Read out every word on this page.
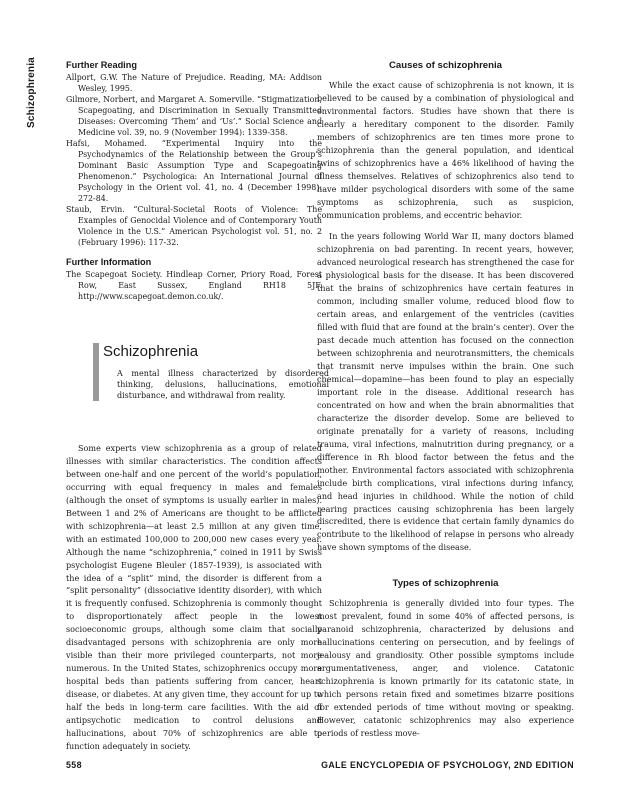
Schizophrenia	Further Reading

Allport, G.W. The Nature of Prejudice. Reading, MA: Addison Wesley, 1995.

Gilmore, Norbert, and Margaret A. Somerville. “Stigmatization, Scapegoating, and Discrimination in Sexually Transmitted Diseases: Overcoming ‘Them’ and ‘Us’.” Social Science and Medicine vol. 39, no. 9 (November 1994): 1339-358.

Hafsi, Mohamed. “Experimental Inquiry into the Psychodynamics of the Relationship between the Group’s Dominant Basic Assumption Type and Scapegoating Phenomenon.” Psychologica: An International Journal of Psychology in the Orient vol. 41, no. 4 (December 1998): 272-84.

Staub, Ervin. “Cultural-Societal Roots of Violence: The Examples of Genocidal Violence and of Contemporary Youth Violence in the U.S.” American Psychologist vol. 51, no. 2 (February 1996): 117-32.

Further Information

The Scapegoat Society. Hindleap Corner, Priory Road, Forest Row, East Sussex, England RH18 5JF. http://www.scapegoat.demon.co.uk/.

Schizophrenia

A mental illness characterized by disordered thinking, delusions, hallucinations, emotional disturbance, and withdrawal from reality.

Some experts view schizophrenia as a group of related illnesses with similar characteristics. The condition affects between one-half and one percent of the world’s population, occurring with equal frequency in males and females (although the onset of symptoms is usually earlier in males). Between 1 and 2% of Americans are thought to be afflicted with schizophrenia—at least 2.5 million at any given time, with an estimated 100,000 to 200,000 new cases every year. Although the name “schizophrenia,” coined in 1911 by Swiss psychologist Eugene Bleuler (1857-1939), is associated with the idea of a “split” mind, the disorder is different from a “split personality” (dissociative identity disorder), with which it is frequently confused. Schizophrenia is commonly thought to disproportionately affect people in the lowest socioeconomic groups, although some claim that socially disadvantaged persons with schizophrenia are only more visible than their more privileged counterparts, not more numerous. In the United States, schizophrenics occupy more hospital beds than patients suffering from cancer, heart disease, or diabetes. At any given time, they account for up to half the beds in long-term care facilities. With the aid of antipsychotic medication to control delusions and hallucinations, about 70% of schizophrenics are able to function adequately in society.

Causes of schizophrenia

While the exact cause of schizophrenia is not known, it is believed to be caused by a combination of physiological and environmental factors. Studies have shown that there is clearly a hereditary component to the disorder. Family members of schizophrenics are ten times more prone to schizophrenia than the general population, and identical twins of schizophrenics have a 46% likelihood of having the illness themselves. Relatives of schizophrenics also tend to have milder psychological disorders with some of the same symptoms as schizophrenia, such as suspicion, communication problems, and eccentric behavior.

In the years following World War II, many doctors blamed schizophrenia on bad parenting. In recent years, however, advanced neurological research has strengthened the case for a physiological basis for the disease. It has been discovered that the brains of schizophrenics have certain features in common, including smaller volume, reduced blood flow to certain areas, and enlargement of the ventricles (cavities filled with fluid that are found at the brain’s center). Over the past decade much attention has focused on the connection between schizophrenia and neurotransmitters, the chemicals that transmit nerve impulses within the brain. One such chemical—dopamine—has been found to play an especially important role in the disease. Additional research has concentrated on how and when the brain abnormalities that characterize the disorder develop. Some are believed to originate prenatally for a variety of reasons, including trauma, viral infections, malnutrition during pregnancy, or a difference in Rh blood factor between the fetus and the mother. Environmental factors associated with schizophrenia include birth complications, viral infections during infancy, and head injuries in childhood. While the notion of child rearing practices causing schizophrenia has been largely discredited, there is evidence that certain family dynamics do contribute to the likelihood of relapse in persons who already have shown symptoms of the disease.

Types of schizophrenia

Schizophrenia is generally divided into four types. The most prevalent, found in some 40% of affected persons, is paranoid schizophrenia, characterized by delusions and hallucinations centering on persecution, and by feelings of jealousy and grandiosity. Other possible symptoms include argumentativeness, anger, and violence. Catatonic schizophrenia is known primarily for its catatonic state, in which persons retain fixed and sometimes bizarre positions for extended periods of time without moving or speaking. However, catatonic schizophrenics may also experience periods of restless move-

558	GALE ENCYCLOPEDIA OF PSYCHOLOGY, 2ND EDITION
